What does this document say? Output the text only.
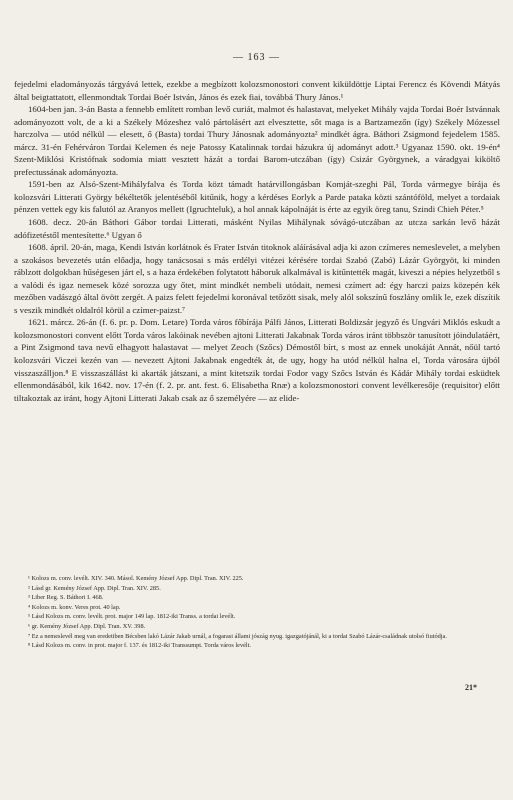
— 163 —

fejedelmi eladományozás tárgyává lettek, ezekbe a megbízott kolozsmonostori convent kiküldöttje Liptai Ferencz és Kövendi Mátyás által beigtattatott, ellenmondtak Tordai Boér István, János és ezek fiai, továbbá Thury János.¹

1604-ben jan. 3-án Basta a fennebb említett romban levő curiát, malmot és halastavat, melyeket Mihály vajda Tordai Boér Istvánnak adományozott volt, de a ki a Székely Mózeshez való pártolásért azt elvesztette, sőt maga is a Bartzamezőn (így) Székely Mózessel harczolva — utód nélkül — elesett, ő (Basta) tordai Thury Jánosnak adományozta² mindkét ágra. Báthori Zsigmond fejedelem 1585. márcz. 31-én Fehérváron Tordai Kelemen és neje Patossy Katalinnak tordai házukra új adományt adott.³ Ugyanaz 1590. okt. 19-én⁴ Szent-Miklósi Kristófnak sodomia miatt vesztett házát a tordai Barom-utczában (így) Csizár Györgynek, a váradgyai kiköltő prefectussának adományozta.

1591-ben az Alsó-Szent-Mihályfalva és Torda közt támadt határvillongásban Komját-szeghi Pál, Torda vármegye bírája és kolozsvári Litterati György békéltetők jelentéséből kitűnik, hogy a kérdéses Eorlyk a Parde pataka közti szántóföld, melyet a tordaiak pénzen vettek egy kis falutól az Aranyos mellett (Igruchteluk), a hol annak kápolnáját is érte az egyik öreg tanu, Szindi Chieh Péter.⁵

1608. decz. 20-án Báthori Gábor tordai Litterati, másként Nyilas Mihálynak sóvágó-utczában az utcza sarkán levő házát adófizetéstől mentesítette.⁶ Ugyan ő

1608. ápril. 20-án, maga, Kendi István korlátnok és Frater István titoknok aláírásával adja ki azon czímeres nemeslevelet, a melyben a szokásos bevezetés után előadja, hogy tanácsosai s más erdélyi vitézei kérésére tordai Szabó (Zabó) Lázár Györgyöt, ki minden ráblzott dolgokban hűségesen járt el, s a haza érdekében folytatott háboruk alkalmával is kitűntették magát, kiveszi a népies helyzetből s a valódi és igaz nemesek közé sorozza ugy őtet, mint mindkét nembeli utódait, nemesi czímert ad: égy harczi paizs közepén kék mezőben vadászgó által övött zergét. A paizs felett fejedelmi koronával tetőzött sisak, mely alól sokszínű foszlány omlik le, ezek díszítik s veszik mindkét oldalról körül a czímer-paizst.⁷

1621. márcz. 26-án (f. 6. pr. p. Dom. Letare) Torda város főbírája Pálfi János, Litterati Boldizsár jegyző és Ungvári Miklós eskudt a kolozsmonostori convent előtt Torda város lakóinak nevében ajtoni Litterati Jakabnak Torda város iránt többször tanusított jóindulatáért, a Pint Zsigmond tava nevű elhagyott halastavat — melyet Zeoch (Szőcs) Démostől bírt, s most az ennek unokáját Annát, nőül tartó kolozsvári Viczei kezén van — nevezett Ajtoni Jakabnak engedték át, de ugy, hogy ha utód nélkül halna el, Torda városára újból visszaszálljon.⁸ E visszaszállást ki akarták játszani, a mint kitetszik tordai Fodor vagy Szőcs István és Kádár Mihály tordai esküdtek ellenmondásából, kik 1642. nov. 17-én (f. 2. pr. ant. fest. 6. Elisabetha Rnæ) a kolozsmonostori convent levélkeresője (requisitor) előtt tiltakoztak az iránt, hogy Ajtoni Litterati Jakab csak az ő személyére — az elide-

¹ Kolozs m. conv. levélt. XIV. 340. Másol. Kemény József App. Dipl. Tran. XIV. 225.
² Lásd gr. Kemény József App. Dipl. Tran. XIV. 285.
³ Liber Reg. S. Báthori I. 468.
⁴ Kolozs m. konv. Veres prot. 40 lap.
⁵ Lásd Kolozs m. conv. levélt. prot. major 149 lap. 1812-iki Transs. a tordai levélt.
⁶ gr. Kemény József App. Dipl. Tran. XV. 398.
⁷ Ez a nemeslevél meg van eredetiben Bécsben lakó Lázár Jakab urnál, a fogarasi állami jószág nyug. igazgatójánál, ki a tordai Szabó Lázár-családnak utolsó fiutódja.
⁸ Lásd Kolozs m. conv. in prot. major f. 137. és 1812-iki Transsumpt. Torda város levélt.
21*
